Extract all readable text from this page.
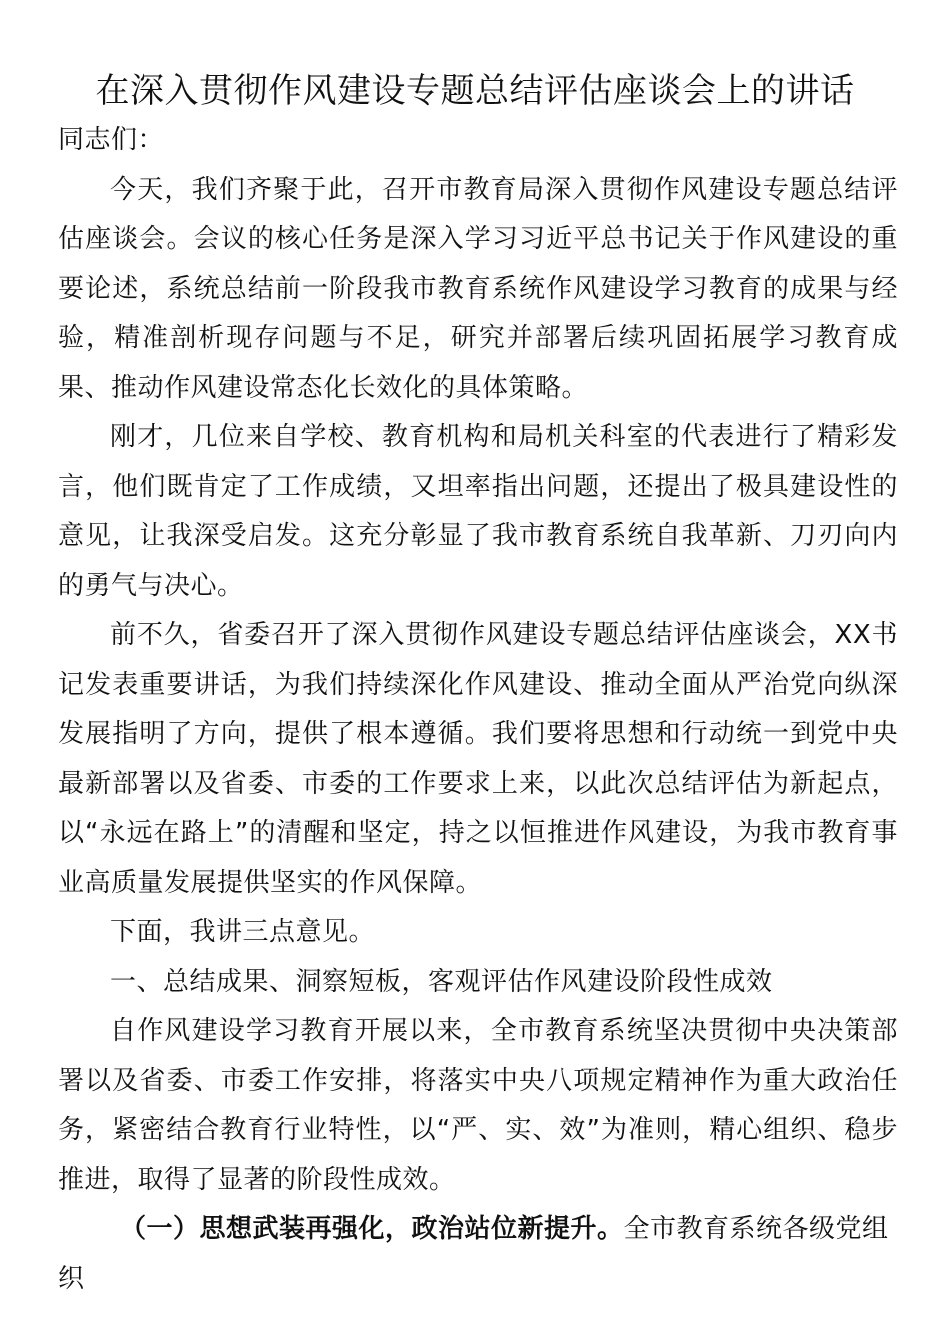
在深入贯彻作风建设专题总结评估座谈会上的讲话

同志们：

今天，我们齐聚于此，召开市教育局深入贯彻作风建设专题总结评估座谈会。会议的核心任务是深入学习习近平总书记关于作风建设的重要论述，系统总结前一阶段我市教育系统作风建设学习教育的成果与经验，精准剖析现存问题与不足，研究并部署后续巩固拓展学习教育成果、推动作风建设常态化长效化的具体策略。

刚才，几位来自学校、教育机构和局机关科室的代表进行了精彩发言，他们既肯定了工作成绩，又坦率指出问题，还提出了极具建设性的意见，让我深受启发。这充分彰显了我市教育系统自我革新、刀刃向内的勇气与决心。

前不久，省委召开了深入贯彻作风建设专题总结评估座谈会，XX书记发表重要讲话，为我们持续深化作风建设、推动全面从严治党向纵深发展指明了方向，提供了根本遵循。我们要将思想和行动统一到党中央最新部署以及省委、市委的工作要求上来，以此次总结评估为新起点，以“永远在路上”的清醒和坚定，持之以恒推进作风建设，为我市教育事业高质量发展提供坚实的作风保障。

下面，我讲三点意见。

一、总结成果、洞察短板，客观评估作风建设阶段性成效

自作风建设学习教育开展以来，全市教育系统坚决贯彻中央决策部署以及省委、市委工作安排，将落实中央八项规定精神作为重大政治任务，紧密结合教育行业特性，以“严、实、效”为准则，精心组织、稳步推进，取得了显著的阶段性成效。

（一）思想武装再强化，政治站位新提升。全市教育系统各级党组织
